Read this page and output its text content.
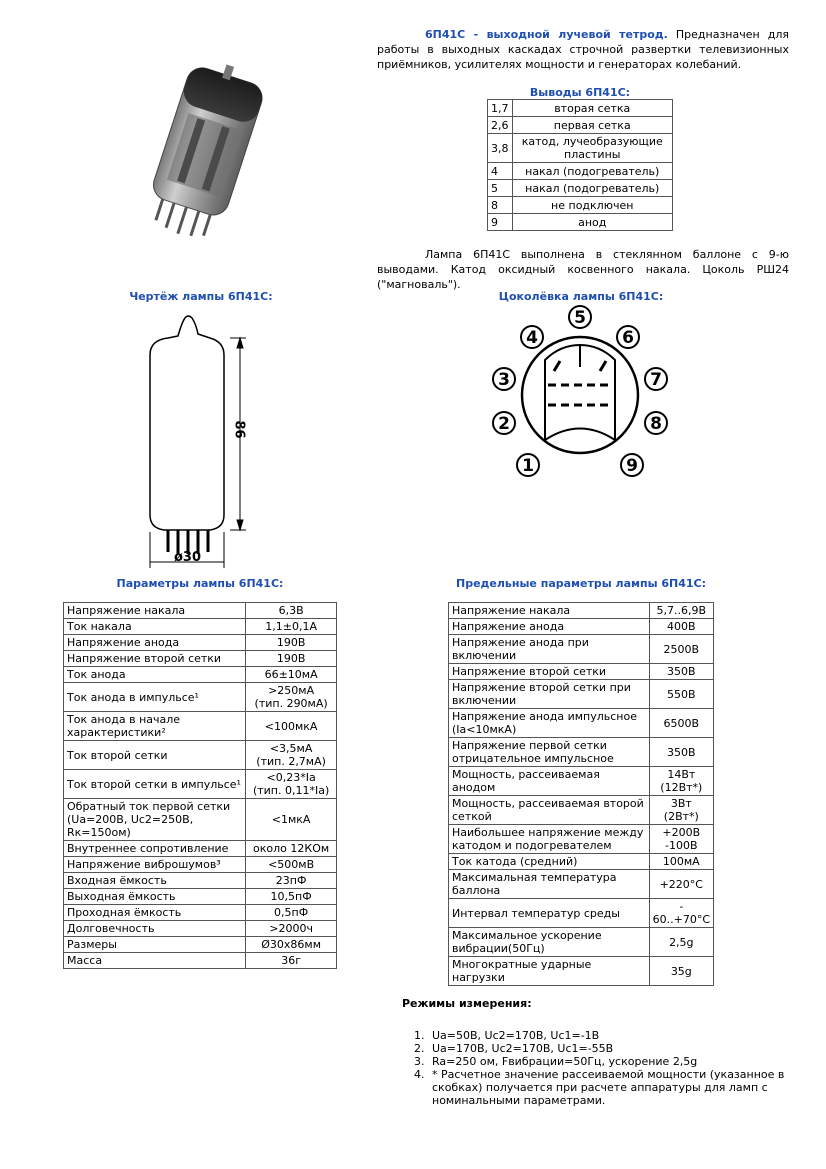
6П41С - выходной лучевой тетрод. Предназначен для работы в выходных каскадах строчной развертки телевизионных приёмников, усилителях мощности и генераторах колебаний.
Выводы 6П41С:
1,7	вторая сетка
2,6	первая сетка
3,8	катод, лучеобразующие пластины
4	накал (подогреватель)
5	накал (подогреватель)
8	не подключен
9	анод
Лампа 6П41С выполнена в стеклянном баллоне с 9-ю выводами. Катод оксидный косвенного накала. Цоколь РШ24 ("магноваль").
Чертёж лампы 6П41С:
86
ø30
Цоколёвка лампы 6П41С:
1
2
3
4
5
6
7
8
9
Параметры лампы 6П41С:
Напряжение накала	6,3В
Ток накала	1,1±0,1А
Напряжение анода	190В
Напряжение второй сетки	190В
Ток анода	66±10мА
Ток анода в импульсе¹	>250мА
(тип. 290мА)
Ток анода в начале характеристики²	<100мкА
Ток второй сетки	<3,5мА
(тип. 2,7мА)
Ток второй сетки в импульсе¹	<0,23*Ia
(тип. 0,11*Ia)
Обратный ток первой сетки (Ua=200В, Uc2=250В, Rк=150ом)	<1мкА
Внутреннее сопротивление	около 12КОм
Напряжение виброшумов³	<500мВ
Входная ёмкость	23пФ
Выходная ёмкость	10,5пФ
Проходная ёмкость	0,5пФ
Долговечность	>2000ч
Размеры	Ø30x86мм
Масса	36г
Предельные параметры лампы 6П41С:
Напряжение накала	5,7..6,9В
Напряжение анода	400В
Напряжение анода при включении	2500В
Напряжение второй сетки	350В
Напряжение второй сетки при включении	550В
Напряжение анода импульсное (Ia<10мкА)	6500В
Напряжение первой сетки отрицательное импульсное	350В
Мощность, рассеиваемая анодом	14Вт
(12Вт*)
Мощность, рассеиваемая второй сеткой	3Вт
(2Вт*)
Наибольшее напряжение между катодом и подогревателем	+200В
-100В
Ток катода (средний)	100мА
Максимальная температура баллона	+220°C
Интервал температур среды	-
60..+70°C
Максимальное ускорение вибрации(50Гц)	2,5g
Многократные ударные нагрузки	35g
Режимы измерения:
1. Ua=50В, Uc2=170В, Uc1=-1В
2. Ua=170В, Uc2=170В, Uc1=-55В
3. Ra=250 ом, Fвибрации=50Гц, ускорение 2,5g
4. * Расчетное значение рассеиваемой мощности (указанное в скобках) получается при расчете аппаратуры для ламп с номинальными параметрами.
